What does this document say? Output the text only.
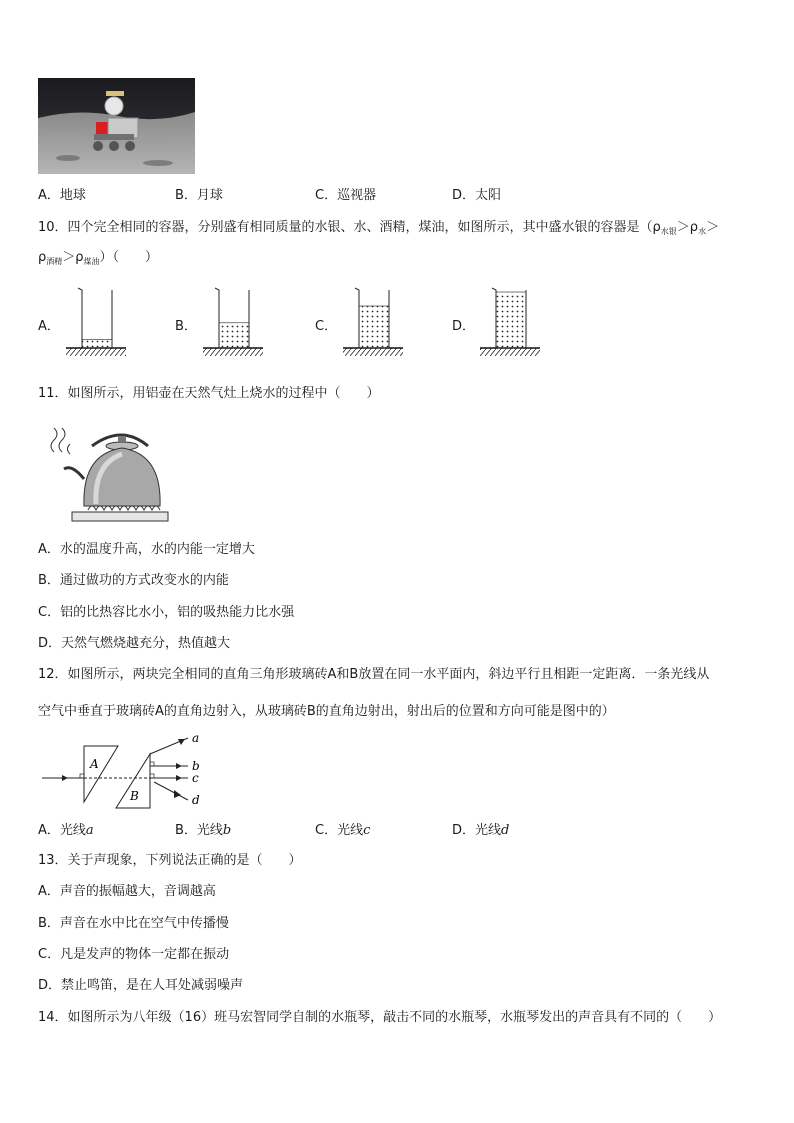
A．地球	B．月球	C．巡视器	D．太阳
10．四个完全相同的容器，分别盛有相同质量的水银、水、酒精，煤油，如图所示，其中盛水银的容器是（$\rho_{水银}>\rho_水>$
$\rho_{酒精}>\rho_{煤油}$）（　　）
A．	B．	C．	D．
11．如图所示，用铝壶在天然气灶上烧水的过程中（　　）
A．水的温度升高，水的内能一定增大
B．通过做功的方式改变水的内能
C．铝的比热容比水小，铝的吸热能力比水强
D．天然气燃烧越充分，热值越大
12．如图所示，两块完全相同的直角三角形玻璃砖A和B放置在同一水平面内，斜边平行且相距一定距离．一条光线从
空气中垂直于玻璃砖A的直角边射入，从玻璃砖B的直角边射出，射出后的位置和方向可能是图中的）
A
B
a
b
c
d
A．光线a	B．光线b	C．光线c	D．光线d
13．关于声现象，下列说法正确的是（　　）
A．声音的振幅越大，音调越高
B．声音在水中比在空气中传播慢
C．凡是发声的物体一定都在振动
D．禁止鸣笛，是在人耳处减弱噪声
14．如图所示为八年级（16）班马宏智同学自制的水瓶琴，敲击不同的水瓶琴，水瓶琴发出的声音具有不同的（　　）
